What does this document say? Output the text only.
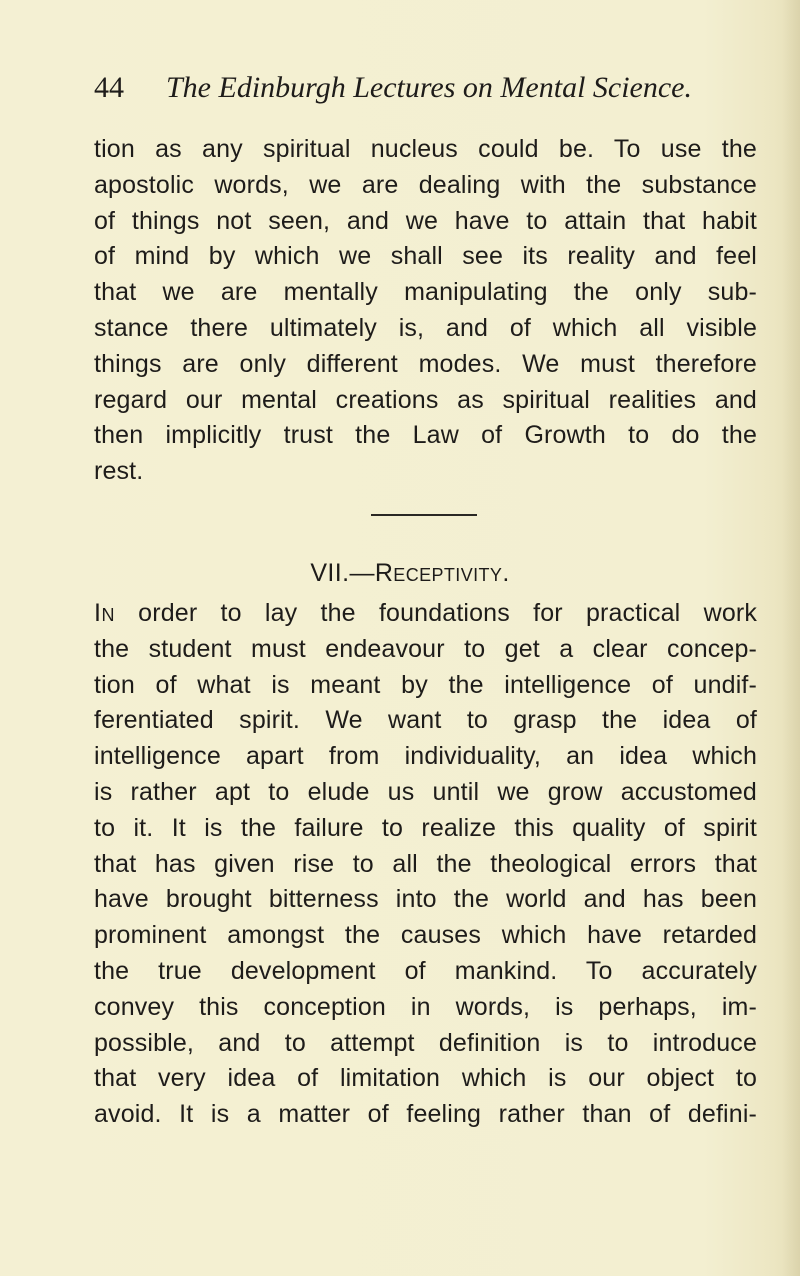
44 The Edinburgh Lectures on Mental Science.
tion as any spiritual nucleus could be. To use the
apostolic words, we are dealing with the substance
of things not seen, and we have to attain that habit
of mind by which we shall see its reality and feel
that we are mentally manipulating the only sub-
stance there ultimately is, and of which all visible
things are only different modes. We must therefore
regard our mental creations as spiritual realities and
then implicitly trust the Law of Growth to do the
rest.
VII.—Receptivity.
In order to lay the foundations for practical work
the student must endeavour to get a clear concep-
tion of what is meant by the intelligence of undif-
ferentiated spirit. We want to grasp the idea of
intelligence apart from individuality, an idea which
is rather apt to elude us until we grow accustomed
to it. It is the failure to realize this quality of spirit
that has given rise to all the theological errors that
have brought bitterness into the world and has been
prominent amongst the causes which have retarded
the true development of mankind. To accurately
convey this conception in words, is perhaps, im-
possible, and to attempt definition is to introduce
that very idea of limitation which is our object to
avoid. It is a matter of feeling rather than of defini-
